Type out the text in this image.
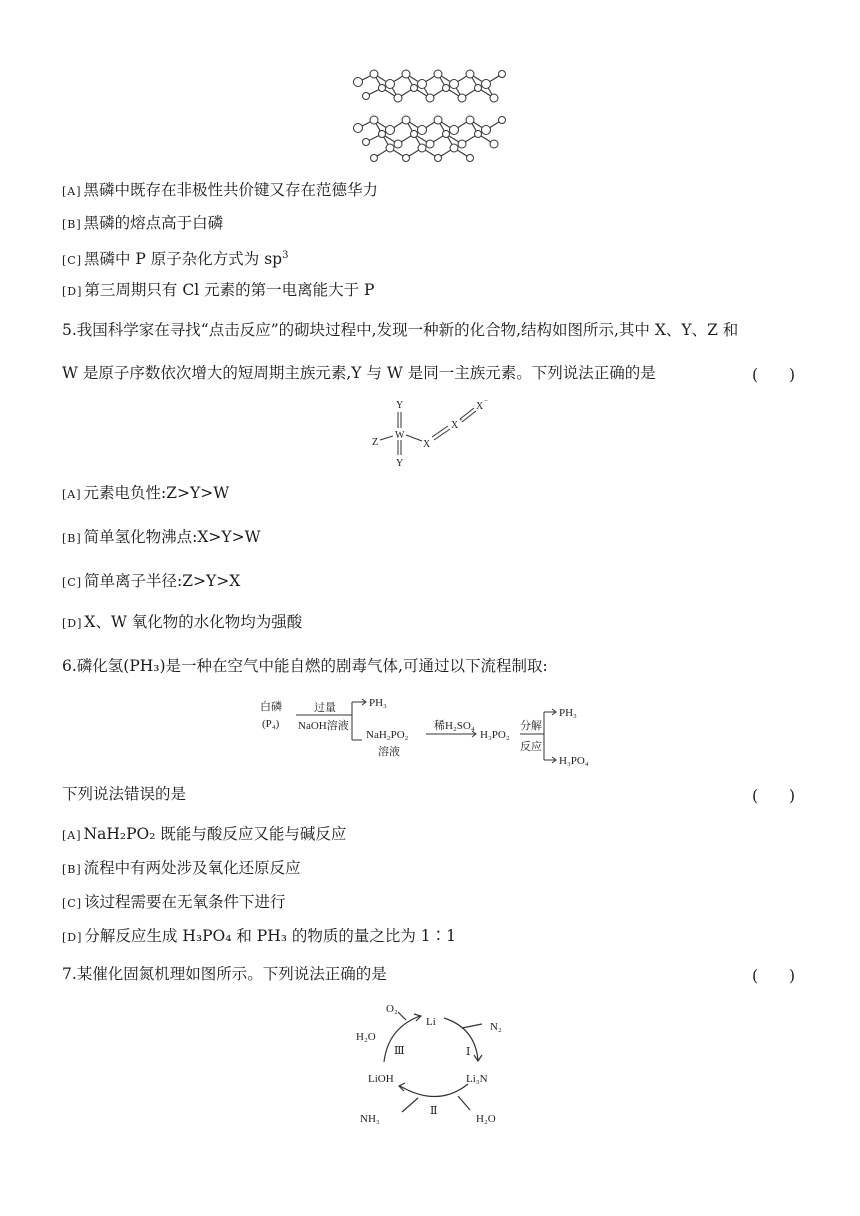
[A] 黑磷中既存在非极性共价键又存在范德华力
[B] 黑磷的熔点高于白磷
[C] 黑磷中 P 原子杂化方式为 $sp^3$
[D] 第三周期只有 Cl 元素的第一电离能大于 P
5.我国科学家在寻找“点击反应”的砌块过程中,发现一种新的化合物,结构如图所示,其中 X、Y、Z 和
W 是原子序数依次增大的短周期主族元素,Y 与 W 是同一主族元素。下列说法正确的是	(　　)
Y
W
Y
Z	X
X +
X −
[A] 元素电负性:Z>Y>W
[B] 简单氢化物沸点:X>Y>W
[C] 简单离子半径:Z>Y>X
[D] X、W 氧化物的水化物均为强酸
6.磷化氢(PH₃)是一种在空气中能自燃的剧毒气体,可通过以下流程制取:
白磷
(P₄)
过量
NaOH溶液
PH₃
NaH₂PO₂
溶液
稀H₂SO₄
H₃PO₂
分解
反应
PH₃
H₃PO₄
下列说法错误的是	(　　)
[A] NaH₂PO₂ 既能与酸反应又能与碱反应
[B] 流程中有两处涉及氧化还原反应
[C] 该过程需要在无氧条件下进行
[D] 分解反应生成 H₃PO₄ 和 PH₃ 的物质的量之比为 1∶1
7.某催化固氮机理如图所示。下列说法正确的是	(　　)
Li
Li₃N
LiOH
Ⅰ
Ⅱ
Ⅲ
N₂
H₂O
NH₃
H₂O
O₂
